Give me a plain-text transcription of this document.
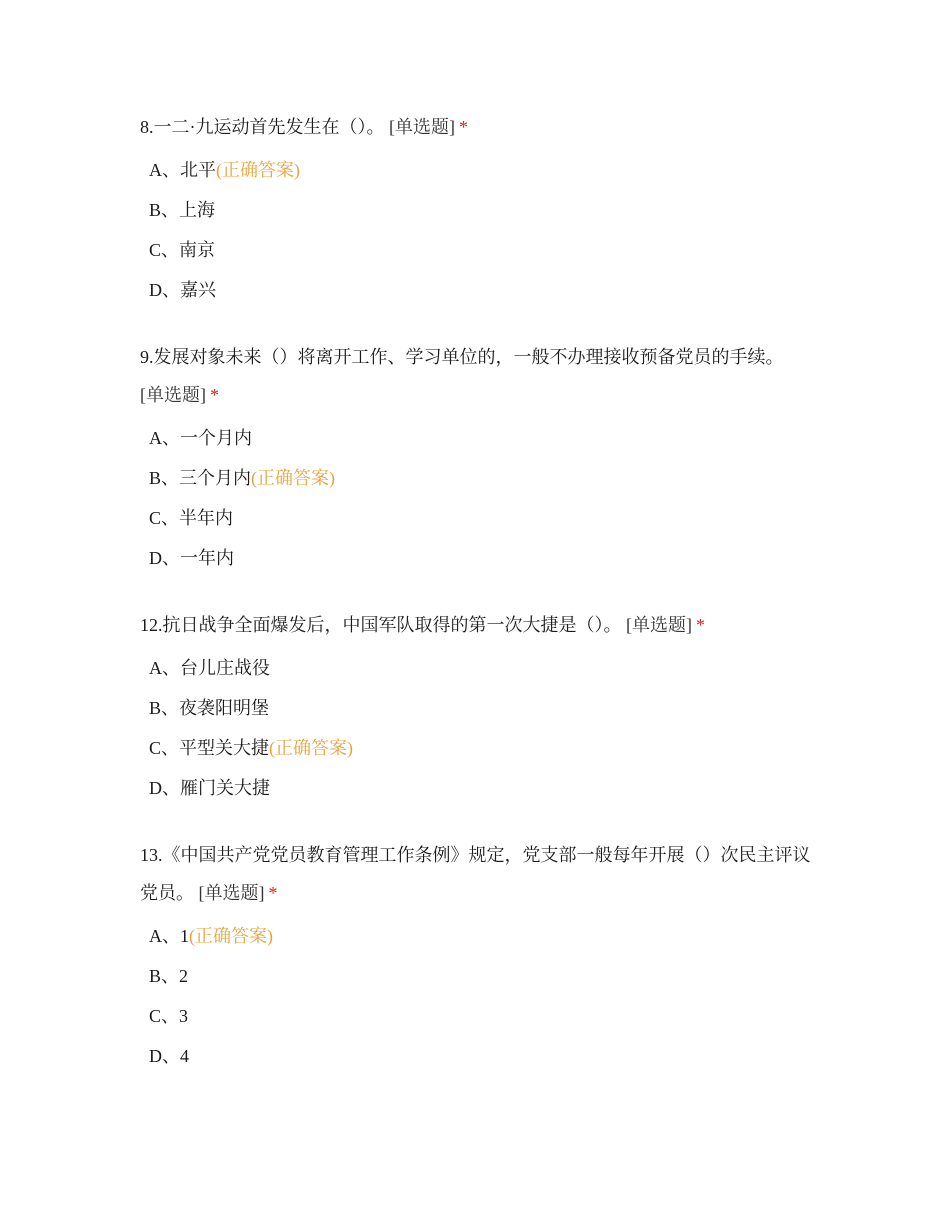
8.一二·九运动首先发生在（）。 [单选题] *
A、北平(正确答案)
B、上海
C、南京
D、嘉兴
9.发展对象未来（）将离开工作、学习单位的，一般不办理接收预备党员的手续。
[单选题] *
A、一个月内
B、三个月内(正确答案)
C、半年内
D、一年内
12.抗日战争全面爆发后，中国军队取得的第一次大捷是（）。 [单选题] *
A、台儿庄战役
B、夜袭阳明堡
C、平型关大捷(正确答案)
D、雁门关大捷
13.《中国共产党党员教育管理工作条例》规定，党支部一般每年开展（）次民主评议党员。 [单选题] *
A、1(正确答案)
B、2
C、3
D、4
